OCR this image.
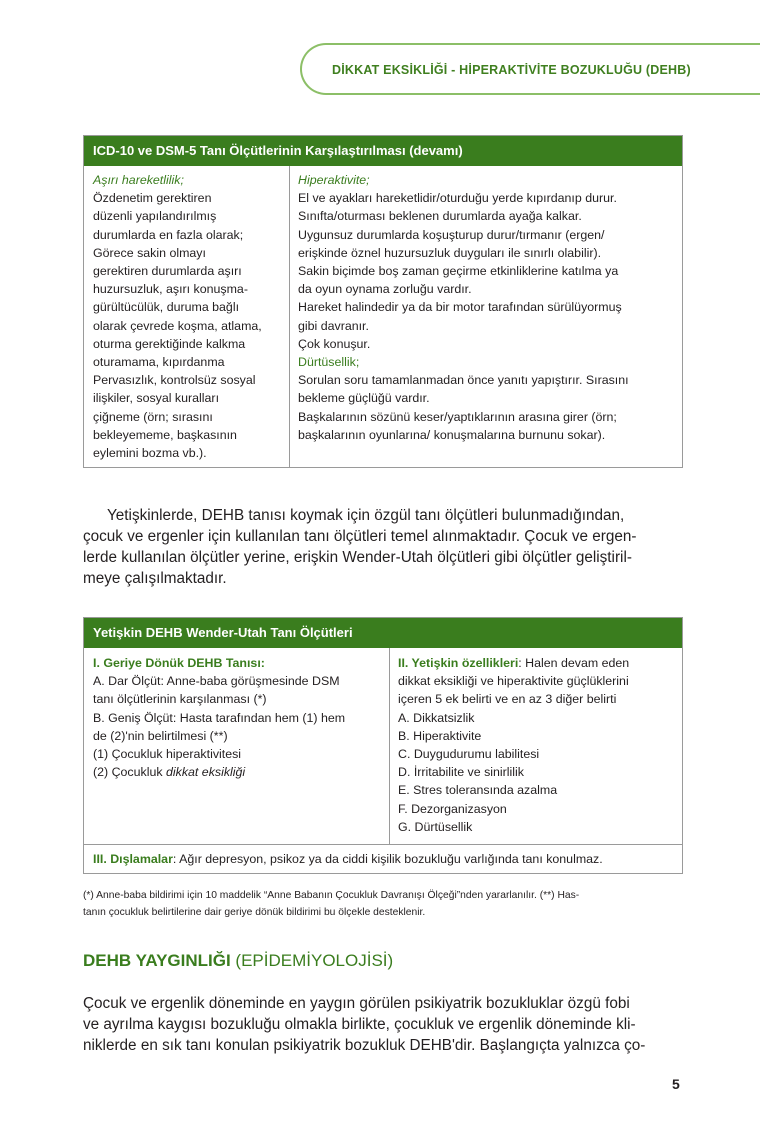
DİKKAT EKSİKLİĞİ - HİPERAKTİVİTE BOZUKLUĞU (DEHB)
ICD-10 ve DSM-5 Tanı Ölçütlerinin Karşılaştırılması (devamı)
Aşırı hareketlilik;
Özdenetim gerektiren
düzenli yapılandırılmış
durumlarda en fazla olarak;
Görece sakin olmayı
gerektiren durumlarda aşırı
huzursuzluk, aşırı konuşma-
gürültücülük, duruma bağlı
olarak çevrede koşma, atlama,
oturma gerektiğinde kalkma
oturamama, kıpırdanma
Pervasızlık, kontrolsüz sosyal
ilişkiler, sosyal kuralları
çiğneme (örn; sırasını
bekleyememe, başkasının
eylemini bozma vb.).
Hiperaktivite;
El ve ayakları hareketlidir/oturduğu yerde kıpırdanıp durur.
Sınıfta/oturması beklenen durumlarda ayağa kalkar.
Uygunsuz durumlarda koşuşturup durur/tırmanır (ergen/
erişkinde öznel huzursuzluk duyguları ile sınırlı olabilir).
Sakin biçimde boş zaman geçirme etkinliklerine katılma ya
da oyun oynama zorluğu vardır.
Hareket halindedir ya da bir motor tarafından sürülüyormuş
gibi davranır.
Çok konuşur.
Dürtüsellik;
Sorulan soru tamamlanmadan önce yanıtı yapıştırır. Sırasını
bekleme güçlüğü vardır.
Başkalarının sözünü keser/yaptıklarının arasına girer (örn;
başkalarının oyunlarına/ konuşmalarına burnunu sokar).
Yetişkinlerde, DEHB tanısı koymak için özgül tanı ölçütleri bulunmadığından,
çocuk ve ergenler için kullanılan tanı ölçütleri temel alınmaktadır. Çocuk ve ergen-
lerde kullanılan ölçütler yerine, erişkin Wender-Utah ölçütleri gibi ölçütler geliştiril-
meye çalışılmaktadır.
Yetişkin DEHB Wender-Utah Tanı Ölçütleri
I. Geriye Dönük DEHB Tanısı:
A. Dar Ölçüt: Anne-baba görüşmesinde DSM
tanı ölçütlerinin karşılanması (*)
B. Geniş Ölçüt: Hasta tarafından hem (1) hem
de (2)'nin belirtilmesi (**)
(1) Çocukluk hiperaktivitesi
(2) Çocukluk dikkat eksikliği
II. Yetişkin özellikleri: Halen devam eden
dikkat eksikliği ve hiperaktivite güçlüklerini
içeren 5 ek belirti ve en az 3 diğer belirti
A. Dikkatsizlik
B. Hiperaktivite
C. Duygudurumu labilitesi
D. İrritabilite ve sinirlilik
E. Stres toleransında azalma
F. Dezorganizasyon
G. Dürtüsellik
III. Dışlamalar: Ağır depresyon, psikoz ya da ciddi kişilik bozukluğu varlığında tanı konulmaz.
(*) Anne-baba bildirimi için 10 maddelik “Anne Babanın Çocukluk Davranışı Ölçeği”nden yararlanılır. (**) Has-
tanın çocukluk belirtilerine dair geriye dönük bildirimi bu ölçekle desteklenir.
DEHB YAYGINLIĞI (EPİDEMİYOLOJİSİ)
Çocuk ve ergenlik döneminde en yaygın görülen psikiyatrik bozukluklar özgü fobi
ve ayrılma kaygısı bozukluğu olmakla birlikte, çocukluk ve ergenlik döneminde kli-
niklerde en sık tanı konulan psikiyatrik bozukluk DEHB'dir. Başlangıçta yalnızca ço-
5
